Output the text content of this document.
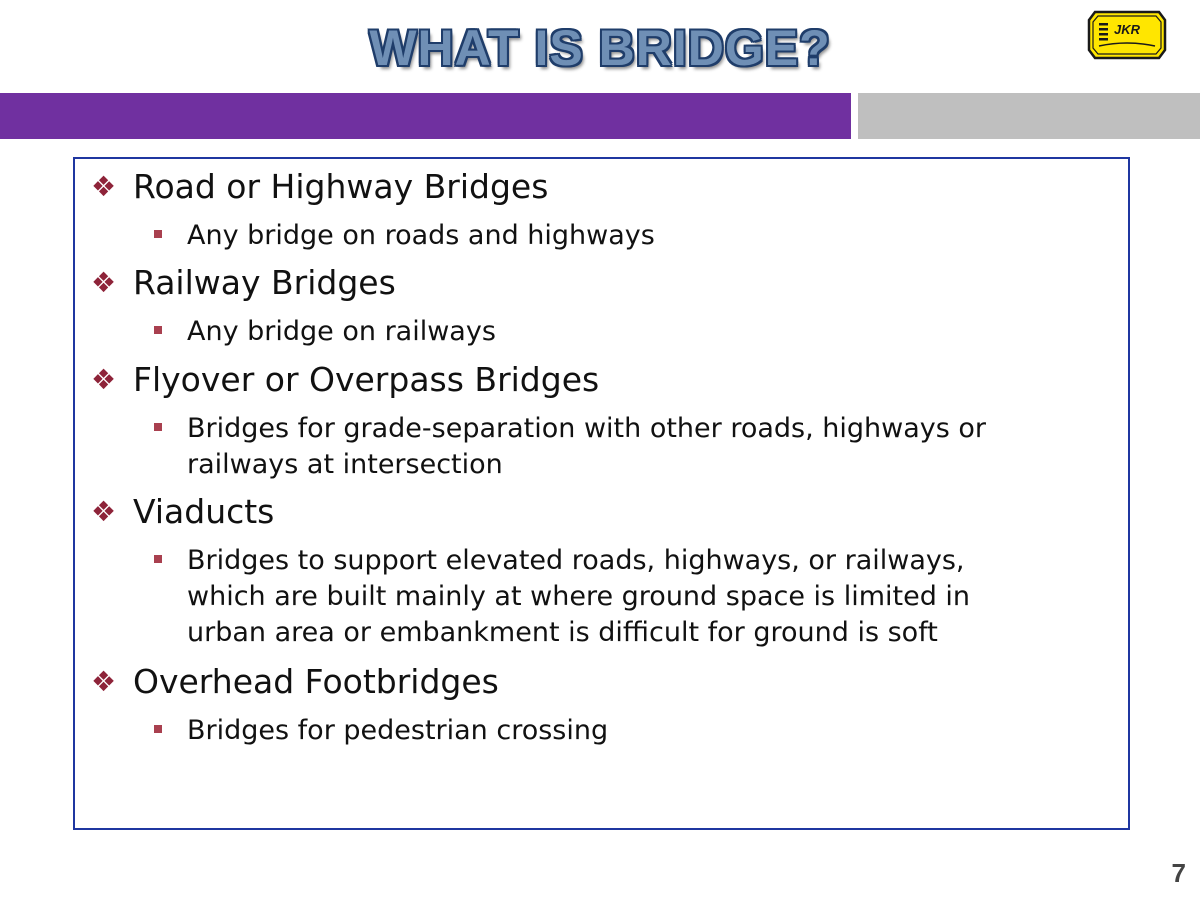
WHAT IS BRIDGE?	JKR
❖ Road or Highway Bridges
Any bridge on roads and highways
❖ Railway Bridges
Any bridge on railways
❖ Flyover or Overpass Bridges
Bridges for grade-separation with other roads, highways or
railways at intersection
❖ Viaducts
Bridges to support elevated roads, highways, or railways,
which are built mainly at where ground space is limited in
urban area or embankment is difficult for ground is soft
❖ Overhead Footbridges
Bridges for pedestrian crossing
7
